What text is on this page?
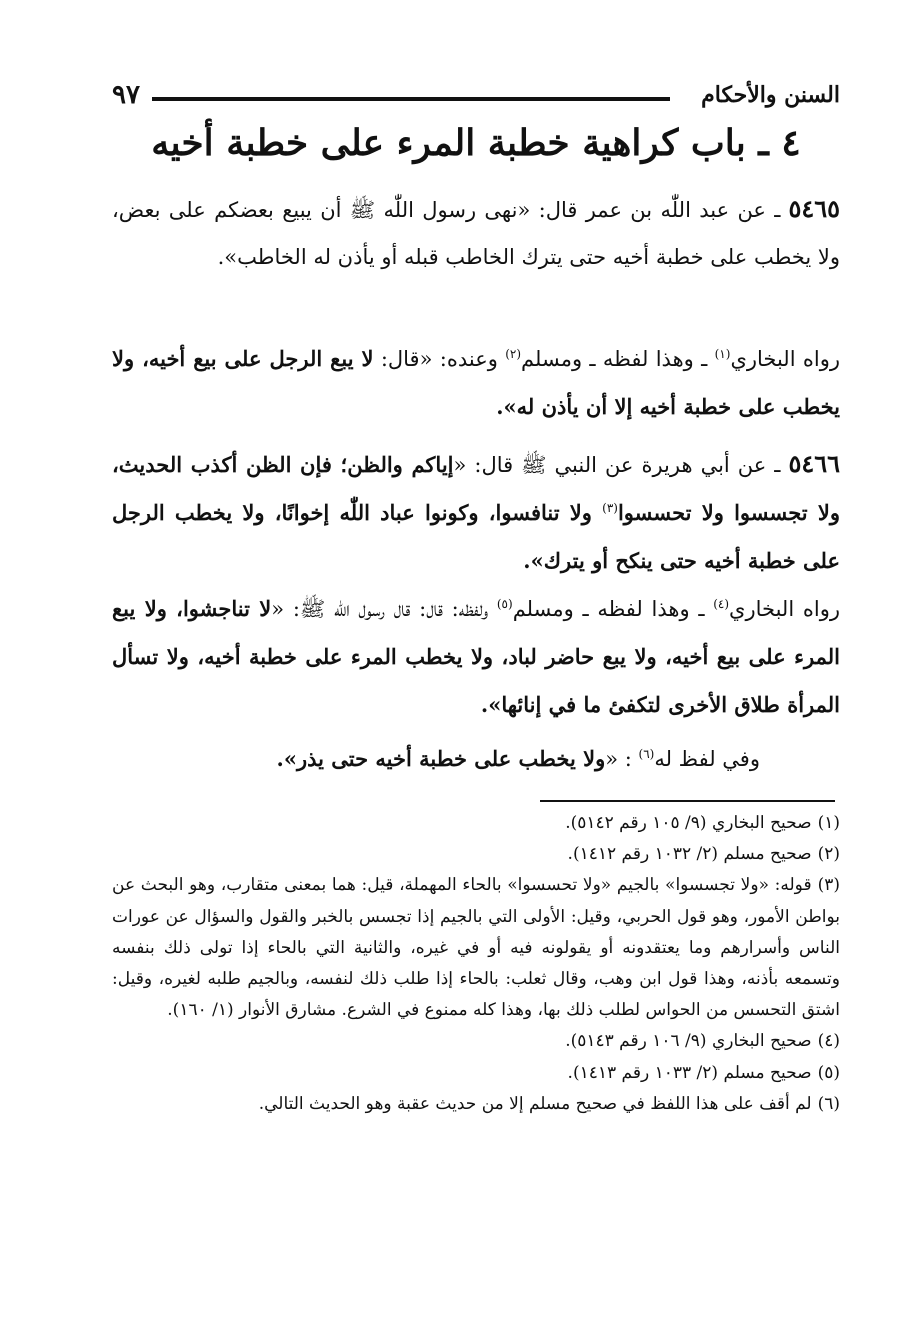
السنن والأحكام
٩٧
٤ ـ باب كراهية خطبة المرء على خطبة أخيه
٥٤٦٥ـ عن عبد اللّٰه بن عمر قال: «نهى رسول اللّٰه ﷺ أن يبيع بعضكم على بعض، ولا يخطب على خطبة أخيه حتى يترك الخاطب قبله أو يأذن له الخاطب».
رواه البخاري$^{(١)}$ ـ وهذا لفظه ـ ومسلم$^{(٢)}$ وعنده: «قال: لا يبع الرجل على بيع أخيه، ولا يخطب على خطبة أخيه إلا أن يأذن له».
٥٤٦٦ـ عن أبي هريرة عن النبي ﷺ قال: «إياكم والظن؛ فإن الظن أكذب الحديث، ولا تجسسوا ولا تحسسوا$^{(٣)}$ ولا تنافسوا، وكونوا عباد اللّٰه إخوانًا، ولا يخطب الرجل على خطبة أخيه حتى ينكح أو يترك».
رواه البخاري$^{(٤)}$ ـ وهذا لفظه ـ ومسلم$^{(٥)}$ ولفظه: قال: قال رسول اللّٰه ﷺ: «لا تناجشوا، ولا يبع المرء على بيع أخيه، ولا يبع حاضر لباد، ولا يخطب المرء على خطبة أخيه، ولا تسأل المرأة طلاق الأخرى لتكفئ ما في إنائها».
وفي لفظ له$^{(٦)}$ : «ولا يخطب على خطبة أخيه حتى يذر».
(١)صحيح البخاري (٩/ ١٠٥ رقم ٥١٤٢).
(٢)صحيح مسلم (٢/ ١٠٣٢ رقم ١٤١٢).
(٣)قوله: «ولا تجسسوا» بالجيم «ولا تحسسوا» بالحاء المهملة، قيل: هما بمعنى متقارب، وهو البحث عن بواطن الأمور، وهو قول الحربي، وقيل: الأولى التي بالجيم إذا تجسس بالخبر والقول والسؤال عن عورات الناس وأسرارهم وما يعتقدونه أو يقولونه فيه أو في غيره، والثانية التي بالحاء إذا تولى ذلك بنفسه وتسمعه بأذنه، وهذا قول ابن وهب، وقال ثعلب: بالحاء إذا طلب ذلك لنفسه، وبالجيم طلبه لغيره، وقيل: اشتق التحسس من الحواس لطلب ذلك بها، وهذا كله ممنوع في الشرع. مشارق الأنوار (١/ ١٦٠).
(٤)صحيح البخاري (٩/ ١٠٦ رقم ٥١٤٣).
(٥)صحيح مسلم (٢/ ١٠٣٣ رقم ١٤١٣).
(٦)لم أقف على هذا اللفظ في صحيح مسلم إلا من حديث عقبة وهو الحديث التالي.
